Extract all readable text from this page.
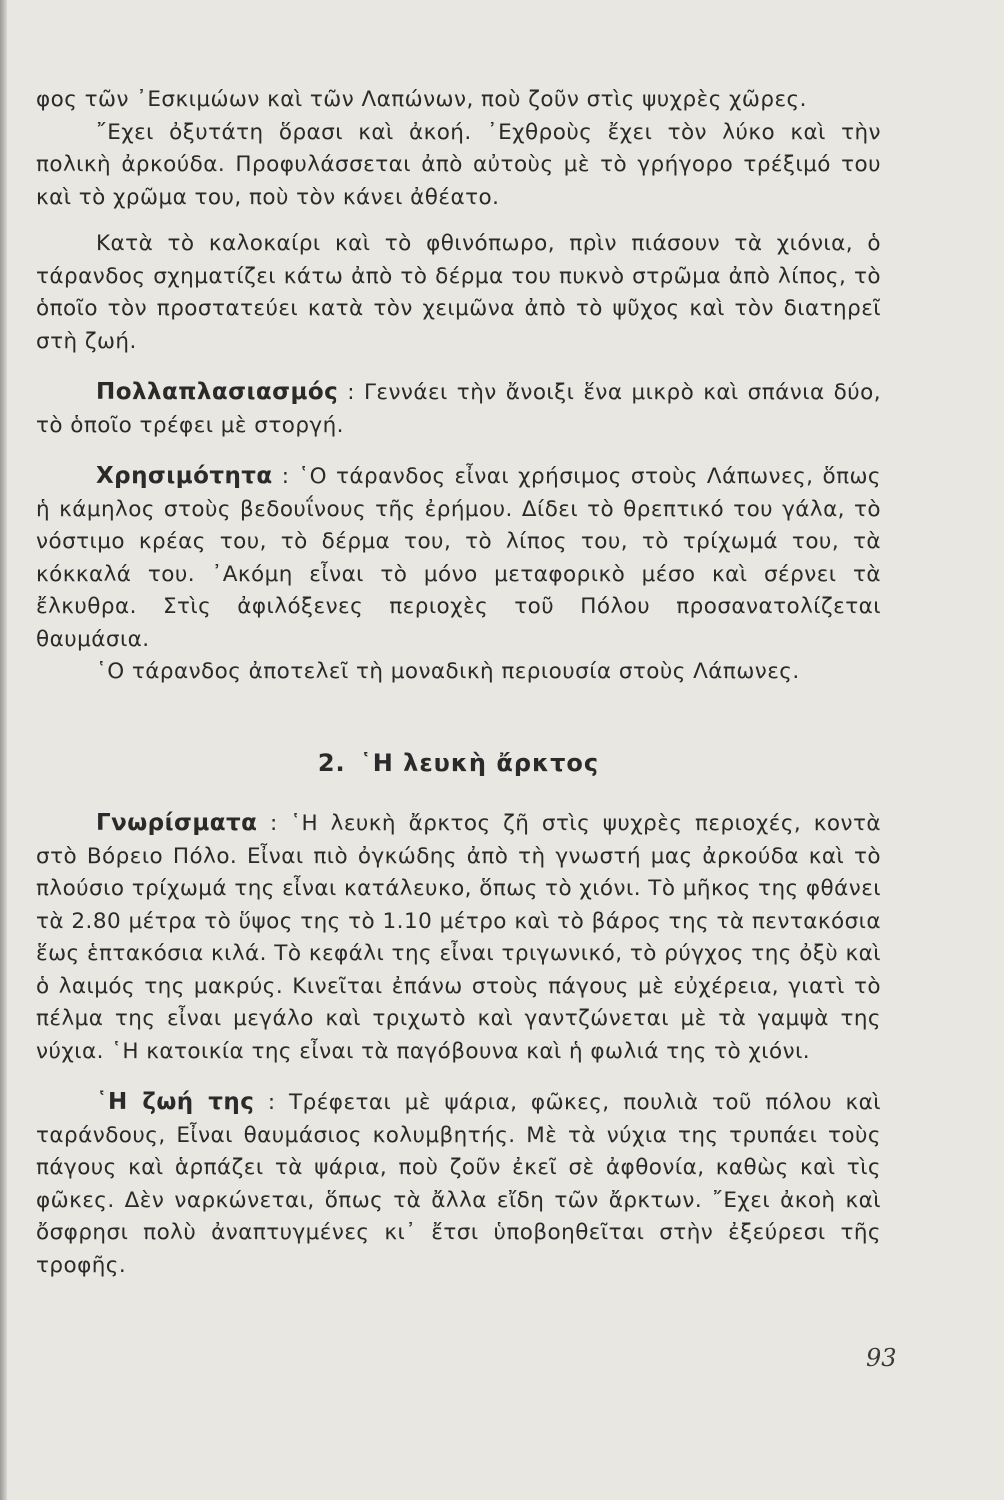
φος τῶν ᾿Εσκιμώων καὶ τῶν Λαπώνων, ποὺ ζοῦν στὶς ψυχρὲς χῶρες.

῎Εχει ὀξυτάτη ὅρασι καὶ ἀκοή. ᾿Εχθροὺς ἔχει τὸν λύκο καὶ τὴν πολικὴ ἀρκούδα. Προφυλάσσεται ἀπὸ αὐτοὺς μὲ τὸ γρήγορο τρέξιμό του καὶ τὸ χρῶμα του, ποὺ τὸν κάνει ἀθέατο.

Κατὰ τὸ καλοκαίρι καὶ τὸ φθινόπωρο, πρὶν πιάσουν τὰ χιόνια, ὁ τάρανδος σχηματίζει κάτω ἀπὸ τὸ δέρμα του πυκνὸ στρῶμα ἀπὸ λίπος, τὸ ὁποῖο τὸν προστατεύει κατὰ τὸν χειμῶνα ἀπὸ τὸ ψῦχος καὶ τὸν διατηρεῖ στὴ ζωή.

Πολλαπλασιασμός : Γεννάει τὴν ἄνοιξι ἕνα μικρὸ καὶ σπάνια δύο, τὸ ὁποῖο τρέφει μὲ στοργή.

Χρησιμότητα : ῾Ο τάρανδος εἶναι χρήσιμος στοὺς Λάπωνες, ὅπως ἡ κάμηλος στοὺς βεδουΐνους τῆς ἐρήμου. Δίδει τὸ θρεπτικό του γάλα, τὸ νόστιμο κρέας του, τὸ δέρμα του, τὸ λίπος του, τὸ τρίχωμά του, τὰ κόκκαλά του. ᾿Ακόμη εἶναι τὸ μόνο μεταφορικὸ μέσο καὶ σέρνει τὰ ἔλκυθρα. Στὶς ἀφιλόξενες περιοχὲς τοῦ Πόλου προσανατολίζεται θαυμάσια.

῾Ο τάρανδος ἀποτελεῖ τὴ μοναδικὴ περιουσία στοὺς Λάπωνες.

2. ῾Η λευκὴ ἄρκτος

Γνωρίσματα : ῾Η λευκὴ ἄρκτος ζῆ στὶς ψυχρὲς περιοχές, κοντὰ στὸ Βόρειο Πόλο. Εἶναι πιὸ ὀγκώδης ἀπὸ τὴ γνωστή μας ἀρκούδα καὶ τὸ πλούσιο τρίχωμά της εἶναι κατάλευκο, ὅπως τὸ χιόνι. Τὸ μῆκος της φθάνει τὰ 2.80 μέτρα τὸ ὕψος της τὸ 1.10 μέτρο καὶ τὸ βάρος της τὰ πεντακόσια ἕως ἑπτακόσια κιλά. Τὸ κεφάλι της εἶναι τριγωνικό, τὸ ρύγχος της ὀξὺ καὶ ὁ λαιμός της μακρύς. Κινεῖται ἐπάνω στοὺς πάγους μὲ εὐχέρεια, γιατὶ τὸ πέλμα της εἶναι μεγάλο καὶ τριχωτὸ καὶ γαντζώνεται μὲ τὰ γαμψὰ της νύχια. ῾Η κατοικία της εἶναι τὰ παγόβουνα καὶ ἡ φωλιά της τὸ χιόνι.

῾Η ζωή της : Τρέφεται μὲ ψάρια, φῶκες, πουλιὰ τοῦ πόλου καὶ ταράνδους, Εἶναι θαυμάσιος κολυμβητής. Μὲ τὰ νύχια της τρυπάει τοὺς πάγους καὶ ἁρπάζει τὰ ψάρια, ποὺ ζοῦν ἐκεῖ σὲ ἀφθονία, καθὼς καὶ τὶς φῶκες. Δὲν ναρκώνεται, ὅπως τὰ ἄλλα εἴδη τῶν ἄρκτων. ῎Εχει ἀκοὴ καὶ ὄσφρησι πολὺ ἀναπτυγμένες κι᾿ ἔτσι ὑποβοηθεῖται στὴν ἐξεύρεσι τῆς τροφῆς.

93
